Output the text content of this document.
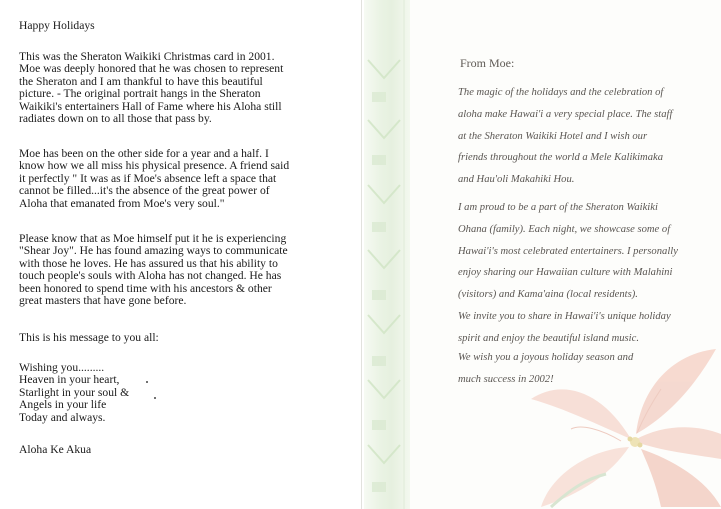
Happy Holidays

This was the Sheraton Waikiki Christmas card in 2001.

Moe was deeply honored that he was chosen to represent

the Sheraton and I am thankful to have this beautiful

picture. - The original portrait hangs in the Sheraton

Waikiki's entertainers Hall of Fame where his Aloha still

radiates down on to all those that pass by.

Moe has been on the other side for a year and a half. I

know how we all miss his physical presence. A friend said

it perfectly " It was as if Moe's absence left a space that

cannot be filled...it's the absence of the great power of

Aloha that emanated from Moe's very soul."

Please know that as Moe himself put it he is experiencing

"Shear Joy". He has found amazing ways to communicate

with those he loves. He has assured us that his ability to

touch people's souls with Aloha has not changed. He has

been honored to spend time with his ancestors & other

great masters that have gone before.

This is his message to you all:

Wishing you.........

Heaven in your heart,

Starlight in your soul &

Angels in your life

Today and always.

Aloha Ke Akua
From Moe:

The magic of the holidays and the celebration of

aloha make Hawai'i a very special place. The staff

at the Sheraton Waikiki Hotel and I wish our

friends throughout the world a Mele Kalikimaka

and Hau'oli Makahiki Hou.

I am proud to be a part of the Sheraton Waikiki

Ohana (family). Each night, we showcase some of

Hawai'i's most celebrated entertainers. I personally

enjoy sharing our Hawaiian culture with Malahini

(visitors) and Kama'aina (local residents).

We invite you to share in Hawai'i's unique holiday

spirit and enjoy the beautiful island music.

We wish you a joyous holiday season and

much success in 2002!
